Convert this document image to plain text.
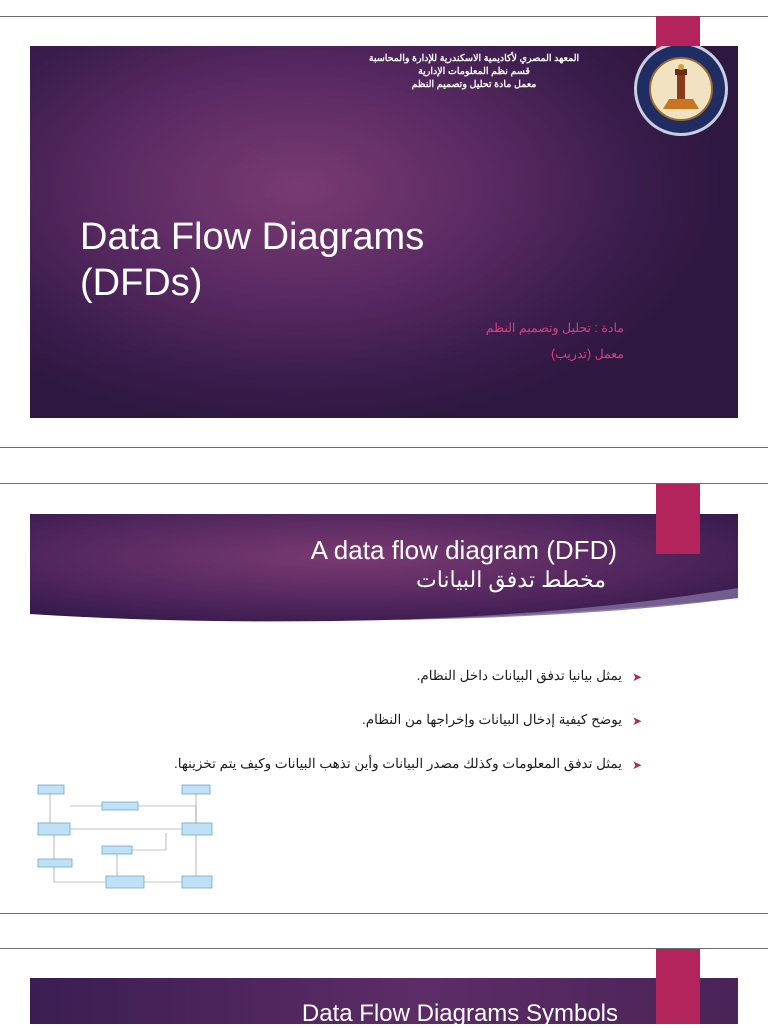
المعهد المصري لأكاديمية الاسكندرية للإدارة والمحاسبة
قسم نظم المعلومات الإدارية
معمل مادة تحليل وتصميم النظم
Data Flow Diagrams
(DFDs)
مادة : تحليل وتصميم النظم
معمل (تدريب)
A data flow diagram (DFD)
مخطط تدفق البيانات
➤
يمثل بيانيا تدفق البيانات داخل النظام.
➤
يوضح كيفية إدخال البيانات وإخراجها من النظام.
➤
يمثل تدفق المعلومات وكذلك مصدر البيانات وأين تذهب البيانات وكيف يتم تخزينها.
Data Flow Diagrams Symbols
